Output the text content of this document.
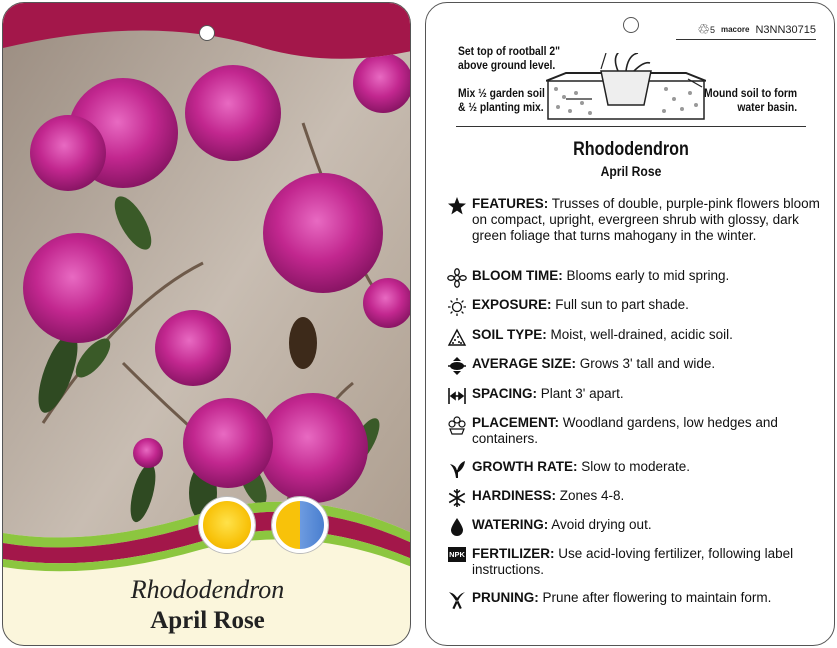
Rhododendron
April Rose
♲ 5 macore N3NN30715
Set top of rootball 2"
above ground level.
Mix ½ garden soil
& ½ planting mix.
Mound soil to form
water basin.
Rhododendron
April Rose
FEATURES: Trusses of double, purple-pink flowers bloom on compact, upright, evergreen shrub with glossy, dark green foliage that turns mahogany in the winter.
BLOOM TIME: Blooms early to mid spring.
EXPOSURE: Full sun to part shade.
SOIL TYPE: Moist, well-drained, acidic soil.
AVERAGE SIZE: Grows 3' tall and wide.
SPACING: Plant 3' apart.
PLACEMENT: Woodland gardens, low hedges and containers.
GROWTH RATE: Slow to moderate.
HARDINESS: Zones 4-8.
WATERING: Avoid drying out.
NPK FERTILIZER: Use acid-loving fertilizer, following label instructions.
PRUNING: Prune after flowering to maintain form.
